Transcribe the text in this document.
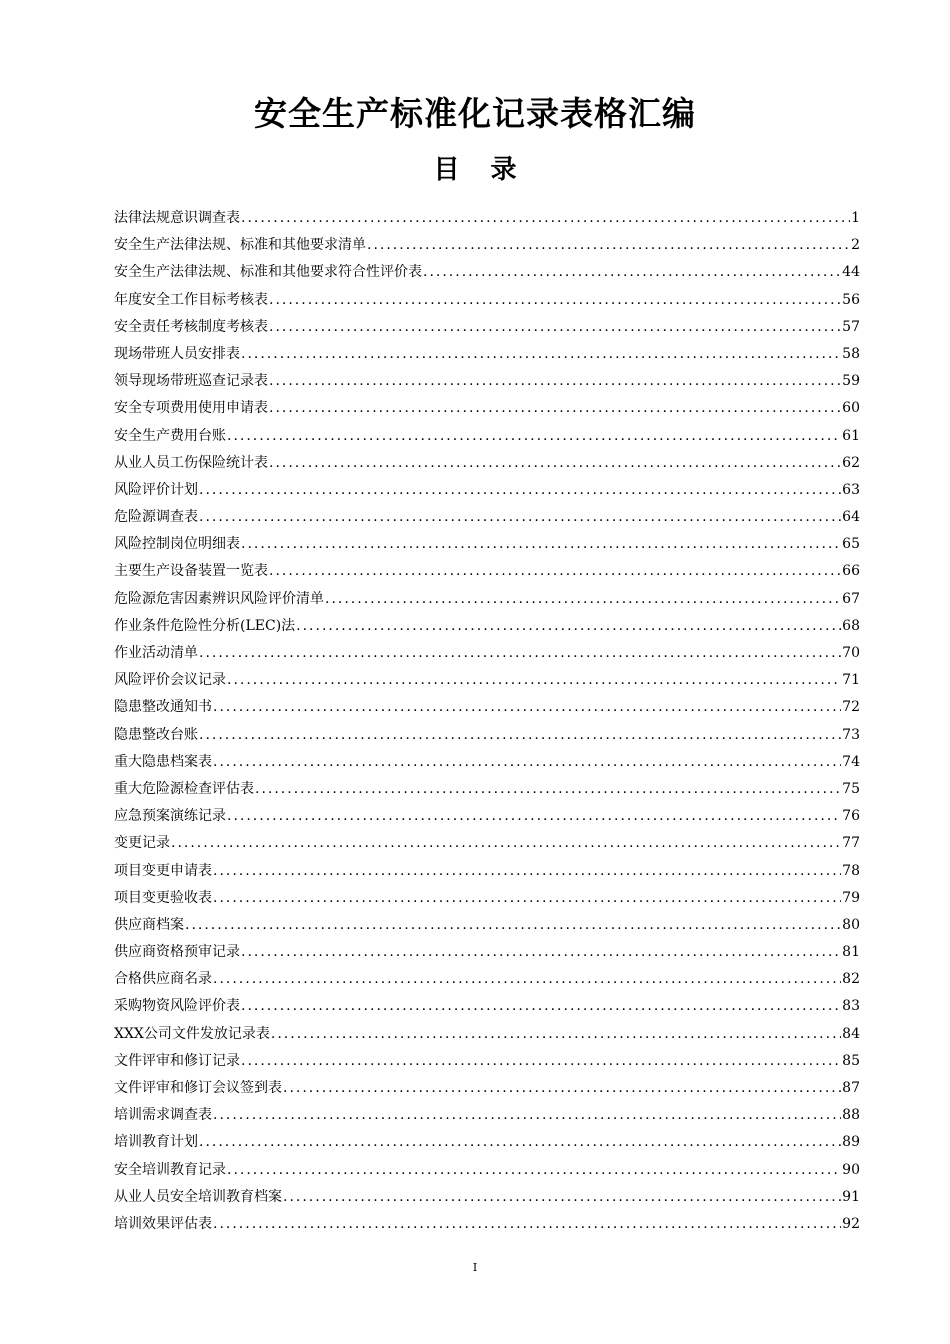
安全生产标准化记录表格汇编
目 录
法律法规意识调查表 .....	1
安全生产法律法规、标准和其他要求清单 .....	2
安全生产法律法规、标准和其他要求符合性评价表 .....	44
年度安全工作目标考核表 .....	56
安全责任考核制度考核表 .....	57
现场带班人员安排表 .....	58
领导现场带班巡查记录表 .....	59
安全专项费用使用申请表 .....	60
安全生产费用台账 .....	61
从业人员工伤保险统计表 .....	62
风险评价计划 .....	63
危险源调查表 .....	64
风险控制岗位明细表 .....	65
主要生产设备装置一览表 .....	66
危险源危害因素辨识风险评价清单 .....	67
作业条件危险性分析(LEC)法 .....	68
作业活动清单 .....	70
风险评价会议记录 .....	71
隐患整改通知书 .....	72
隐患整改台账 .....	73
重大隐患档案表 .....	74
重大危险源检查评估表 .....	75
应急预案演练记录 .....	76
变更记录 .....	77
项目变更申请表 .....	78
项目变更验收表 .....	79
供应商档案 .....	80
供应商资格预审记录 .....	81
合格供应商名录 .....	82
采购物资风险评价表 .....	83
XXX公司文件发放记录表 .....	84
文件评审和修订记录 .....	85
文件评审和修订会议签到表 .....	87
培训需求调查表 .....	88
培训教育计划 .....	89
安全培训教育记录 .....	90
从业人员安全培训教育档案 .....	91
培训效果评估表 .....	92
I
